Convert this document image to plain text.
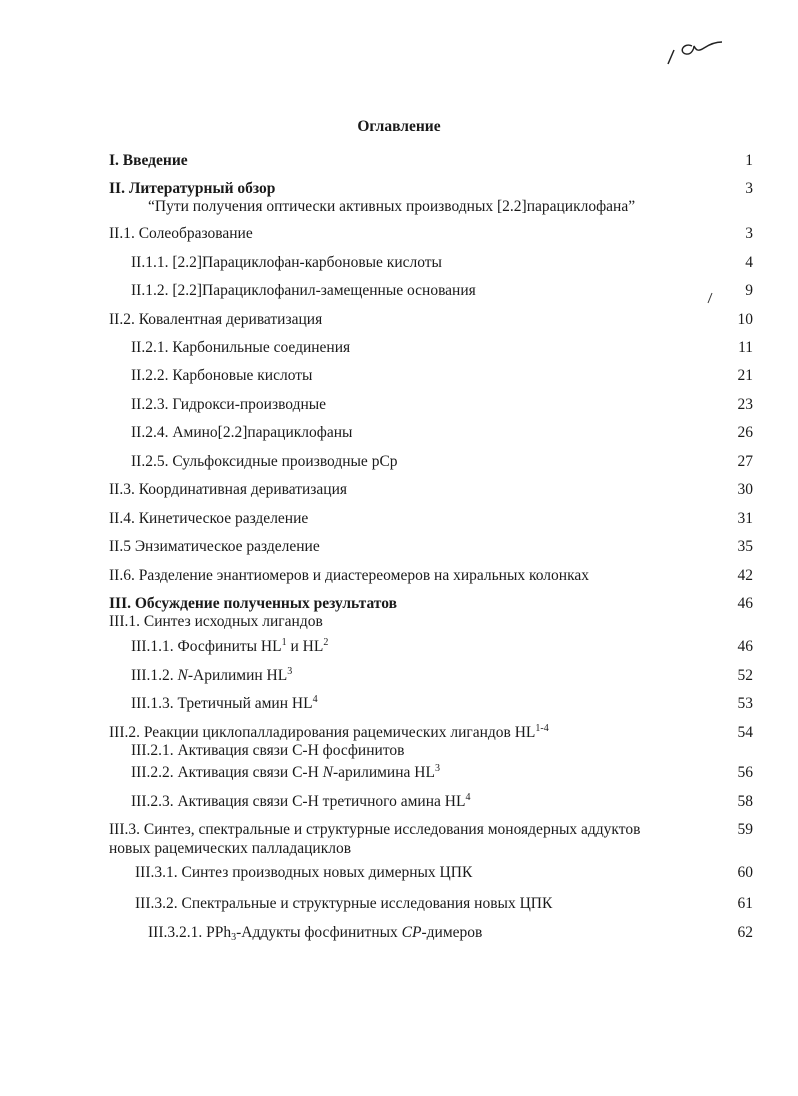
Оглавление
I. Введение	1
II. Литературный обзор	3
“Пути получения оптически активных производных [2.2]парациклофана”
II.1. Солеобразование	3
II.1.1. [2.2]Парациклофан-карбоновые кислоты	4
II.1.2. [2.2]Парациклофанил-замещенные основания	9
II.2. Ковалентная дериватизация	10
II.2.1. Карбонильные соединения	11
II.2.2. Карбоновые кислоты	21
II.2.3. Гидрокси-производные	23
II.2.4. Амино[2.2]парациклофаны	26
II.2.5. Сульфоксидные производные pCp	27
II.3. Координативная дериватизация	30
II.4. Кинетическое разделение	31
II.5 Энзиматическое разделение	35
II.6. Разделение энантиомеров и диастереомеров на хиральных колонках	42
III. Обсуждение полученных результатов	46
III.1. Синтез исходных лигандов
III.1.1. Фосфиниты $HL^1$ и $HL^2$	46
III.1.2. N-Арилимин $HL^3$	52
III.1.3. Третичный амин $HL^4$	53
III.2. Реакции циклопалладирования рацемических лигандов HL$^{1-4}$	54
III.2.1. Активация связи C-H фосфинитов
III.2.2. Активация связи C-H N-арилимина $HL^3$	56
III.2.3. Активация связи C-H третичного амина $HL^4$	58
III.3. Синтез, спектральные и структурные исследования моноядерных аддуктов	59
новых рацемических палладациклов
III.3.1. Синтез производных новых димерных ЦПК	60
III.3.2. Спектральные и структурные исследования новых ЦПК	61
III.3.2.1. PPh$_3$-Аддукты фосфинитных CP-димеров	62
